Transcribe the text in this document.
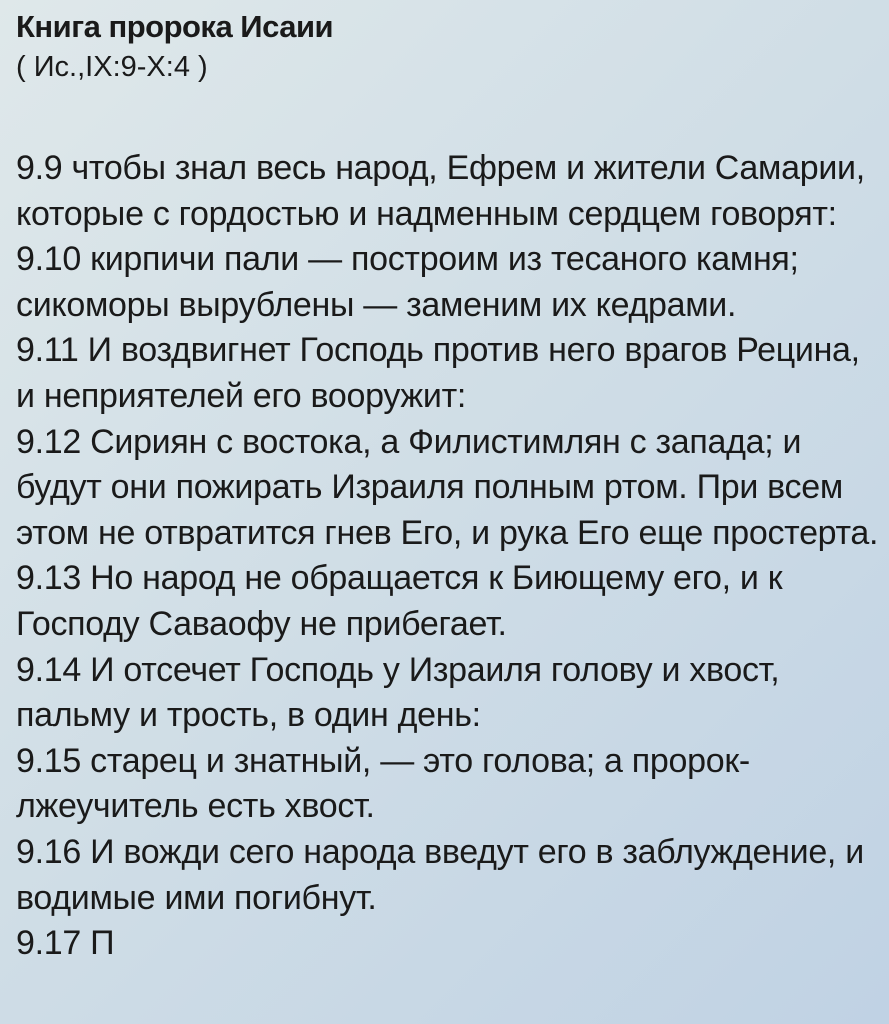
Книга пророка Исаии

( Ис.,IX:9-X:4 )

9.9 чтобы знал весь народ, Ефрем и жители Самарии, которые с гордостью и надменным сердцем говорят:

9.10 кирпичи пали — построим из тесаного камня; сикоморы вырублены — заменим их кедрами.

9.11 И воздвигнет Господь против него врагов Рецина, и неприятелей его вооружит:

9.12 Сириян с востока, а Филистимлян с запада; и будут они пожирать Израиля полным ртом. При всем этом не отвратится гнев Его, и рука Его еще простерта.

9.13 Но народ не обращается к Биющему его, и к Господу Саваофу не прибегает.

9.14 И отсечет Господь у Израиля голову и хвост, пальму и трость, в один день:

9.15 старец и знатный, — это голова; а пророк-лжеучитель есть хвост.

9.16 И вожди сего народа введут его в заблуждение, и водимые ими погибнут.

9.17 П
